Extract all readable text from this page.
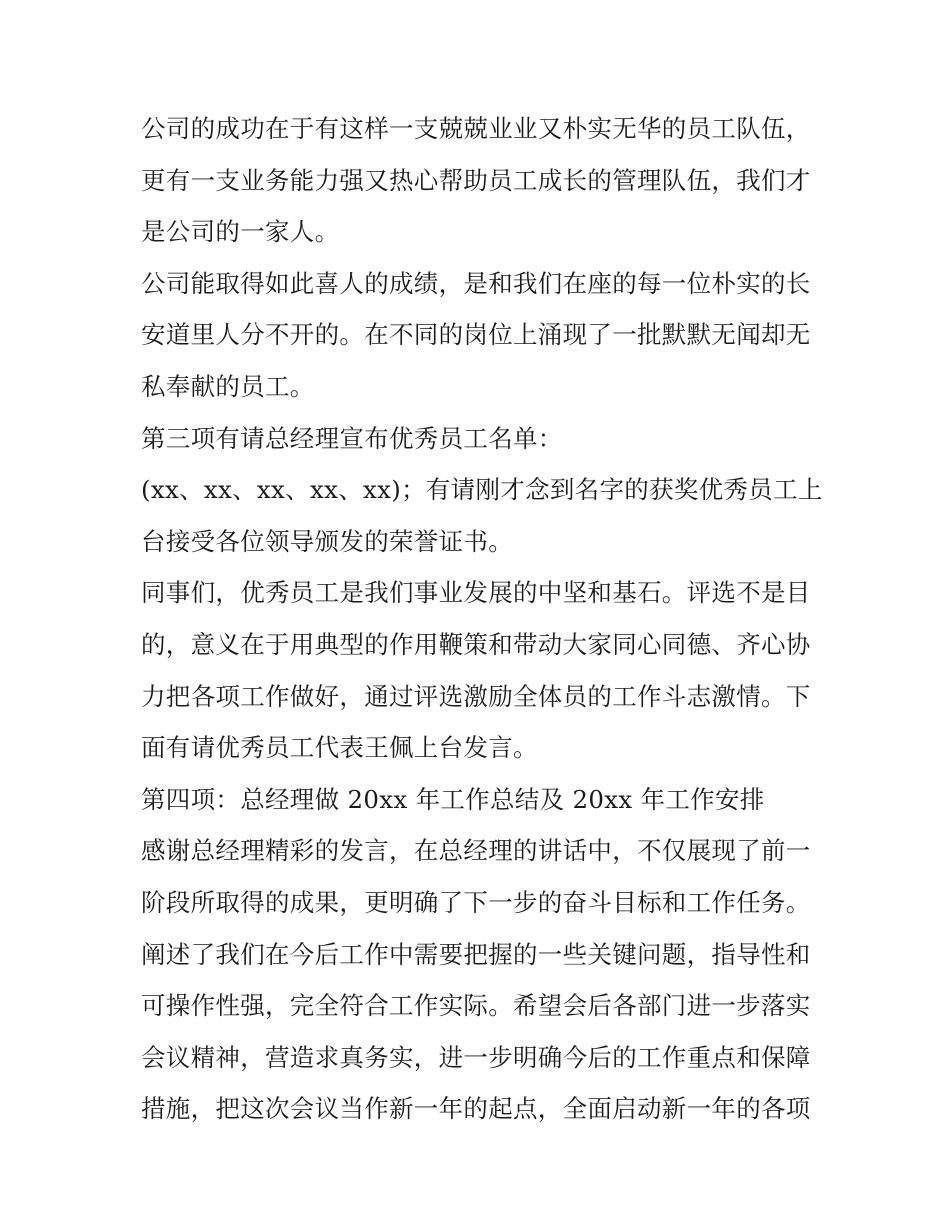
公司的成功在于有这样一支兢兢业业又朴实无华的员工队伍，
更有一支业务能力强又热心帮助员工成长的管理队伍，我们才
是公司的一家人。
公司能取得如此喜人的成绩，是和我们在座的每一位朴实的长
安道里人分不开的。在不同的岗位上涌现了一批默默无闻却无
私奉献的员工。
第三项有请总经理宣布优秀员工名单：
(xx、xx、xx、xx、xx)；有请刚才念到名字的获奖优秀员工上
台接受各位领导颁发的荣誉证书。
同事们，优秀员工是我们事业发展的中坚和基石。评选不是目
的，意义在于用典型的作用鞭策和带动大家同心同德、齐心协
力把各项工作做好，通过评选激励全体员的工作斗志激情。下
面有请优秀员工代表王佩上台发言。
第四项：总经理做 20xx 年工作总结及 20xx 年工作安排
感谢总经理精彩的发言，在总经理的讲话中，不仅展现了前一
阶段所取得的成果，更明确了下一步的奋斗目标和工作任务。
阐述了我们在今后工作中需要把握的一些关键问题，指导性和
可操作性强，完全符合工作实际。希望会后各部门进一步落实
会议精神，营造求真务实，进一步明确今后的工作重点和保障
措施，把这次会议当作新一年的起点，全面启动新一年的各项
